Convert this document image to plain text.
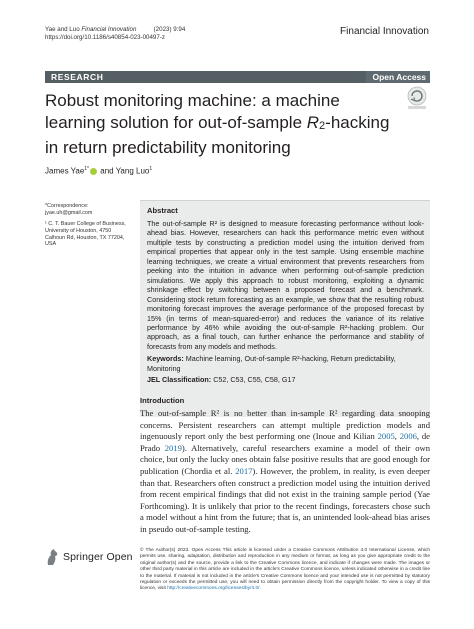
Yae and Luo Financial Innovation	(2023) 9:94
https://doi.org/10.1186/s40854-023-00497-z
Financial Innovation
RESEARCH	Open Access
Robust monitoring machine: a machine learning solution for out-of-sample $R_2$-hacking in return predictability monitoring
James Yae$^{1*}$ and Yang Luo$^1$
*Correspondence:
jyae.uh@gmail.com
¹ C. T. Bauer College of Business, University of Houston, 4750 Calhoun Rd, Houston, TX 77204, USA
Abstract
The out-of-sample R² is designed to measure forecasting performance without look-ahead bias. However, researchers can hack this performance metric even without multiple tests by constructing a prediction model using the intuition derived from empirical properties that appear only in the test sample. Using ensemble machine learning techniques, we create a virtual environment that prevents researchers from peeking into the intuition in advance when performing out-of-sample prediction simulations. We apply this approach to robust monitoring, exploiting a dynamic shrinkage effect by switching between a proposed forecast and a benchmark. Considering stock return forecasting as an example, we show that the resulting robust monitoring forecast improves the average performance of the proposed forecast by 15% (in terms of mean-squared-error) and reduces the variance of its relative performance by 46% while avoiding the out-of-sample R²-hacking problem. Our approach, as a final touch, can further enhance the performance and stability of forecasts from any models and methods.
Keywords: Machine learning, Out-of-sample R²-hacking, Return predictability, Monitoring
JEL Classification: C52, C53, C55, C58, G17
Introduction
The out-of-sample R² is no better than in-sample R² regarding data snooping concerns. Persistent researchers can attempt multiple prediction models and ingenuously report only the best performing one (Inoue and Kilian 2005, 2006, de Prado 2019). Alternatively, careful researchers examine a model of their own choice, but only the lucky ones obtain false positive results that are good enough for publication (Chordia et al. 2017). However, the problem, in reality, is even deeper than that. Researchers often construct a prediction model using the intuition derived from recent empirical findings that did not exist in the training sample period (Yae Forthcoming). It is unlikely that prior to the recent findings, forecasters chose such a model without a hint from the future; that is, an unintended look-ahead bias arises in pseudo out-of-sample testing.
Springer Open
© The Author(s) 2023. Open Access This article is licensed under a Creative Commons Attribution 4.0 International License, which permits use, sharing, adaptation, distribution and reproduction in any medium or format, as long as you give appropriate credit to the original author(s) and the source, provide a link to the Creative Commons licence, and indicate if changes were made. The images or other third party material in this article are included in the article's Creative Commons licence, unless indicated otherwise in a credit line to the material. If material is not included in the article's Creative Commons licence and your intended use is not permitted by statutory regulation or exceeds the permitted use, you will need to obtain permission directly from the copyright holder. To view a copy of this licence, visit http://creativecommons.org/licenses/by/4.0/.
